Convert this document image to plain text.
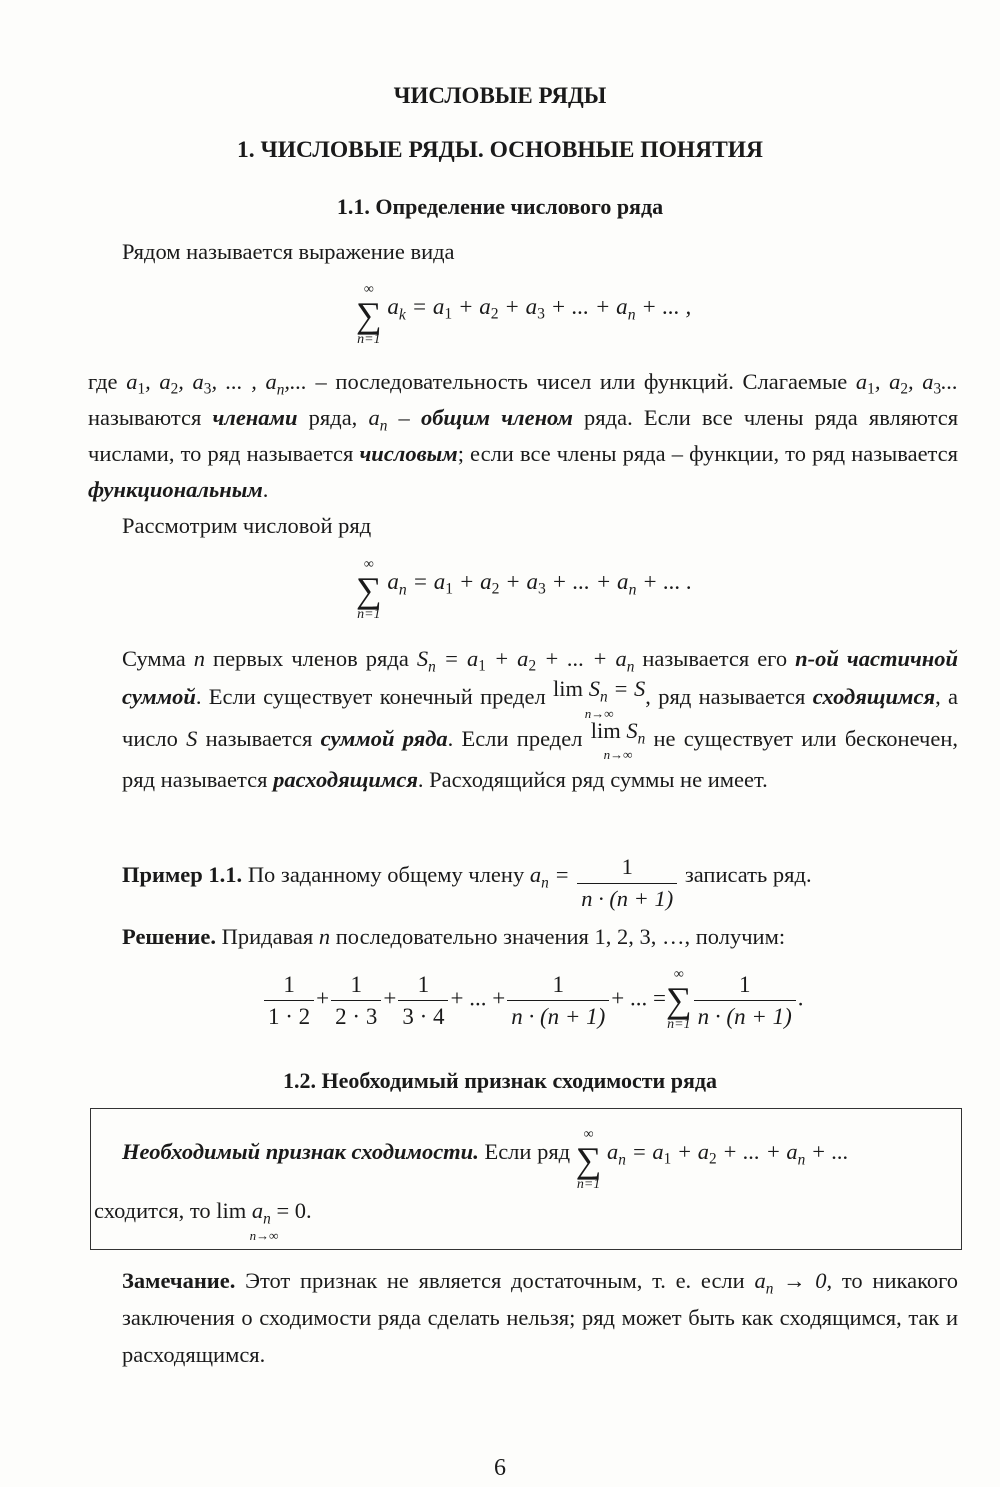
ЧИСЛОВЫЕ РЯДЫ
1. ЧИСЛОВЫЕ РЯДЫ. ОСНОВНЫЕ ПОНЯТИЯ
1.1. Определение числового ряда
Рядом называется выражение вида
∞
∑
n=1
$a_k = a_1 + a_2 + a_3$ + ... + $a_n$ + ... ,
где $a_1$, $a_2$, $a_3$, ... , $a_n$,... – последовательность чисел или функций. Слагаемые $a_1$, $a_2$, $a_3$... называются членами ряда, $a_n$ – общим членом ряда. Если все члены ряда являются числами, то ряд называется числовым; если все члены ряда – функции, то ряд называется функциональным.
Рассмотрим числовой ряд
∞
∑
n=1
$a_n = a_1 + a_2 + a_3$ + ... + $a_n$ + ... .
Сумма n первых членов ряда $S_n = a_1 + a_2$ + ... + $a_n$ называется его n-ой частичной суммой. Если существует конечный предел $\lim S_n = S$
n→∞
, ряд называется сходящимся, а число S называется суммой ряда. Если предел $\lim S_n$
n→∞
не существует или бесконечен, ряд называется расходящимся. Расходящийся ряд суммы не имеет.
Пример 1.1. По заданному общему члену $a_n = \frac{1}{n \cdot (n + 1)}$ записать ряд.
Решение. Придавая n последовательно значения 1, 2, 3, …, получим:
$\frac{1}{1 \cdot 2} + \frac{1}{2 \cdot 3} + \frac{1}{3 \cdot 4}$ + ... + $\frac{1}{n \cdot (n + 1)}$ + ... =
∞
∑
$n=1 \frac{1}{n \cdot (n + 1)}$ .
1.2. Необходимый признак сходимости ряда
Необходимый признак сходимости. Если ряд
∞
∑
n=1
$a_n = a_1 + a_2$ + ... + $a_n$ + ...
сходится, то $\lim a_n = 0$.
n→∞
Замечание. Этот признак не является достаточным, т. е. если $a_n \to 0$, то никакого заключения о сходимости ряда сделать нельзя; ряд может быть как сходящимся, так и расходящимся.
6
